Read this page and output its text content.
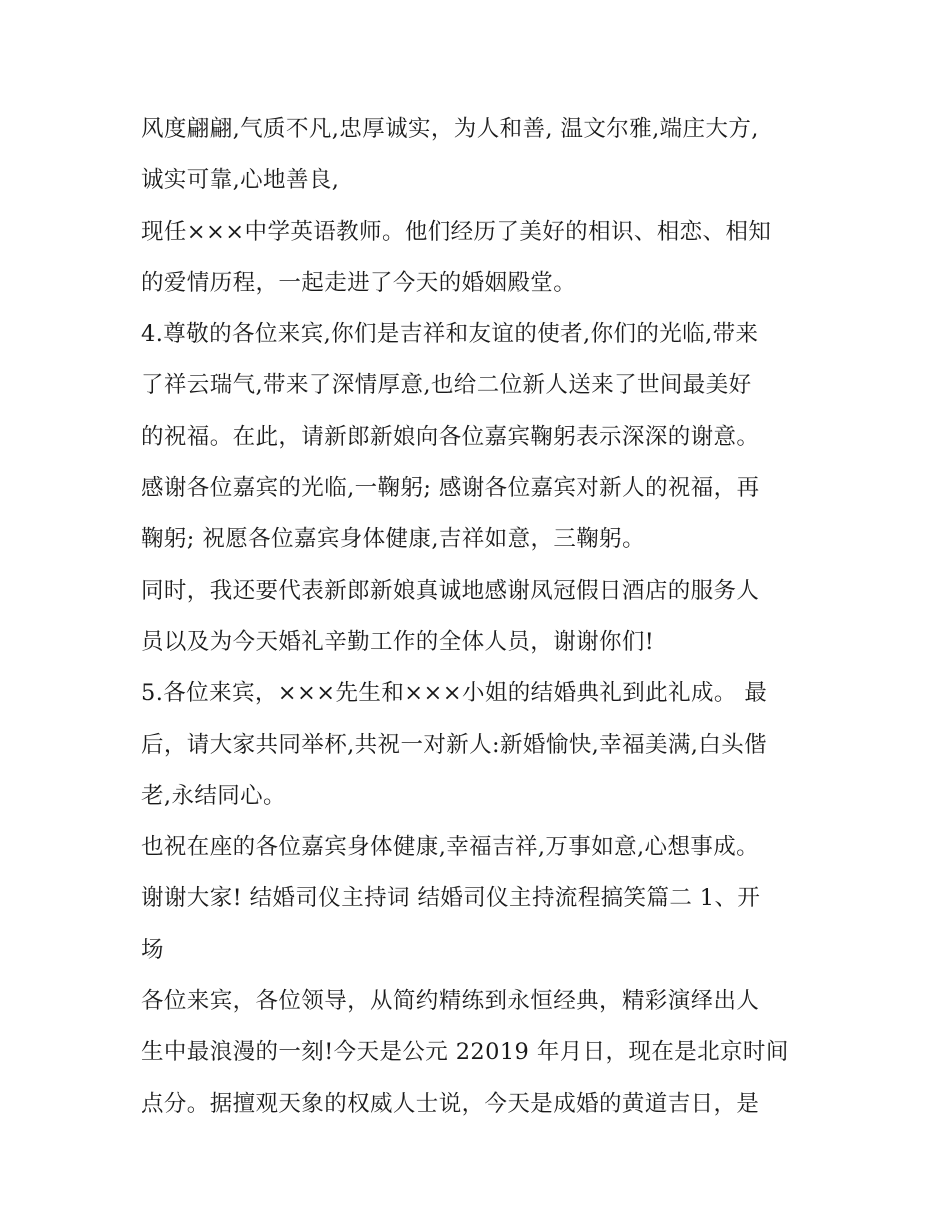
风度翩翩,气质不凡,忠厚诚实，为人和善, 温文尔雅,端庄大方,
诚实可靠,心地善良,
现任×××中学英语教师。他们经历了美好的相识、相恋、相知
的爱情历程，一起走进了今天的婚姻殿堂。
4.尊敬的各位来宾,你们是吉祥和友谊的使者,你们的光临,带来
了祥云瑞气,带来了深情厚意,也给二位新人送来了世间最美好
的祝福。在此，请新郎新娘向各位嘉宾鞠躬表示深深的谢意。
感谢各位嘉宾的光临,一鞠躬; 感谢各位嘉宾对新人的祝福，再
鞠躬; 祝愿各位嘉宾身体健康,吉祥如意，三鞠躬。
同时，我还要代表新郎新娘真诚地感谢凤冠假日酒店的服务人
员以及为今天婚礼辛勤工作的全体人员，谢谢你们!
5.各位来宾，×××先生和×××小姐的结婚典礼到此礼成。 最
后，请大家共同举杯,共祝一对新人:新婚愉快,幸福美满,白头偕
老,永结同心。
也祝在座的各位嘉宾身体健康,幸福吉祥,万事如意,心想事成。
谢谢大家! 结婚司仪主持词 结婚司仪主持流程搞笑篇二 1、开
场
各位来宾，各位领导，从简约精练到永恒经典，精彩演绎出人
生中最浪漫的一刻!今天是公元 22019 年月日，现在是北京时间
点分。据擅观天象的权威人士说，今天是成婚的黄道吉日，是
